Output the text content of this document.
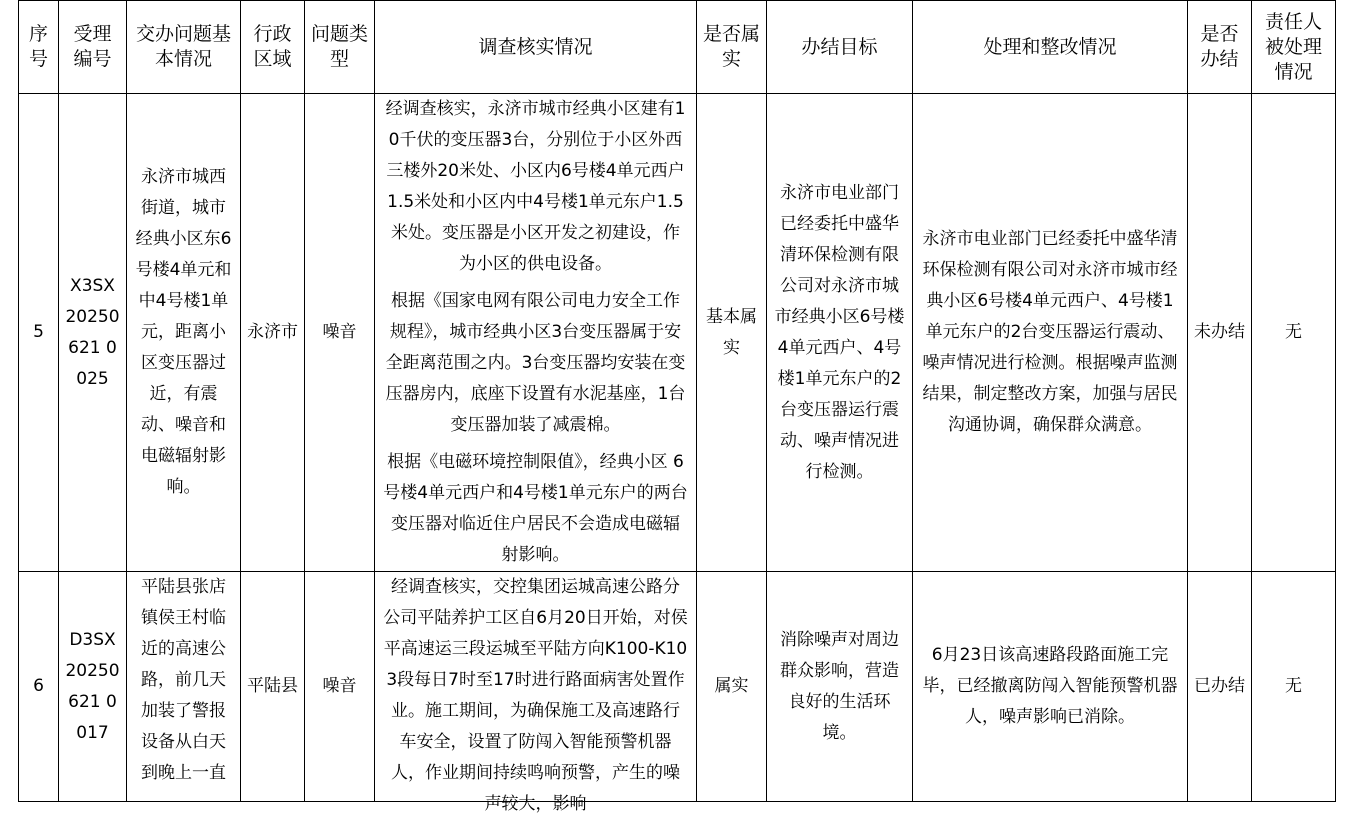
序号	受理编号	交办问题基本情况	行政区域	问题类型	调查核实情况	是否属实	办结目标	处理和整改情况	是否办结	责任人被处理情况
5	X3SX20250621 0025	永济市城西街道，城市经典小区东6号楼4单元和中4号楼1单元，距离小区变压器过近，有震动、噪音和电磁辐射影响。	永济市	噪音	经调查核实，永济市城市经典小区建有10千伏的变压器3台，分别位于小区外西三楼外20米处、小区内6号楼4单元西户1.5米处和小区内中4号楼1单元东户1.5米处。变压器是小区开发之初建设，作为小区的供电设备。

根据《国家电网有限公司电力安全工作规程》，城市经典小区3台变压器属于安全距离范围之内。3台变压器均安装在变压器房内，底座下设置有水泥基座，1台变压器加装了减震棉。

根据《电磁环境控制限值》，经典小区 6号楼4单元西户和4号楼1单元东户的两台变压器对临近住户居民不会造成电磁辐射影响。	基本属实	永济市电业部门已经委托中盛华清环保检测有限公司对永济市城市经典小区6号楼4单元西户、4号楼1单元东户的2台变压器运行震动、噪声情况进行检测。	永济市电业部门已经委托中盛华清环保检测有限公司对永济市城市经典小区6号楼4单元西户、4号楼1单元东户的2台变压器运行震动、噪声情况进行检测。根据噪声监测结果，制定整改方案，加强与居民沟通协调，确保群众满意。	未办结	无
6	D3SX20250621 0017	平陆县张店镇侯王村临近的高速公路，前几天加装了警报设备从白天到晚上一直	平陆县	噪音	经调查核实，交控集团运城高速公路分公司平陆养护工区自6月20日开始，对侯平高速运三段运城至平陆方向K100-K103段每日7时至17时进行路面病害处置作业。施工期间，为确保施工及高速路行车安全，设置了防闯入智能预警机器人，作业期间持续鸣响预警，产生的噪声较大，影响	属实	消除噪声对周边群众影响，营造良好的生活环境。	6月23日该高速路段路面施工完毕，已经撤离防闯入智能预警机器人，噪声影响已消除。	已办结	无
